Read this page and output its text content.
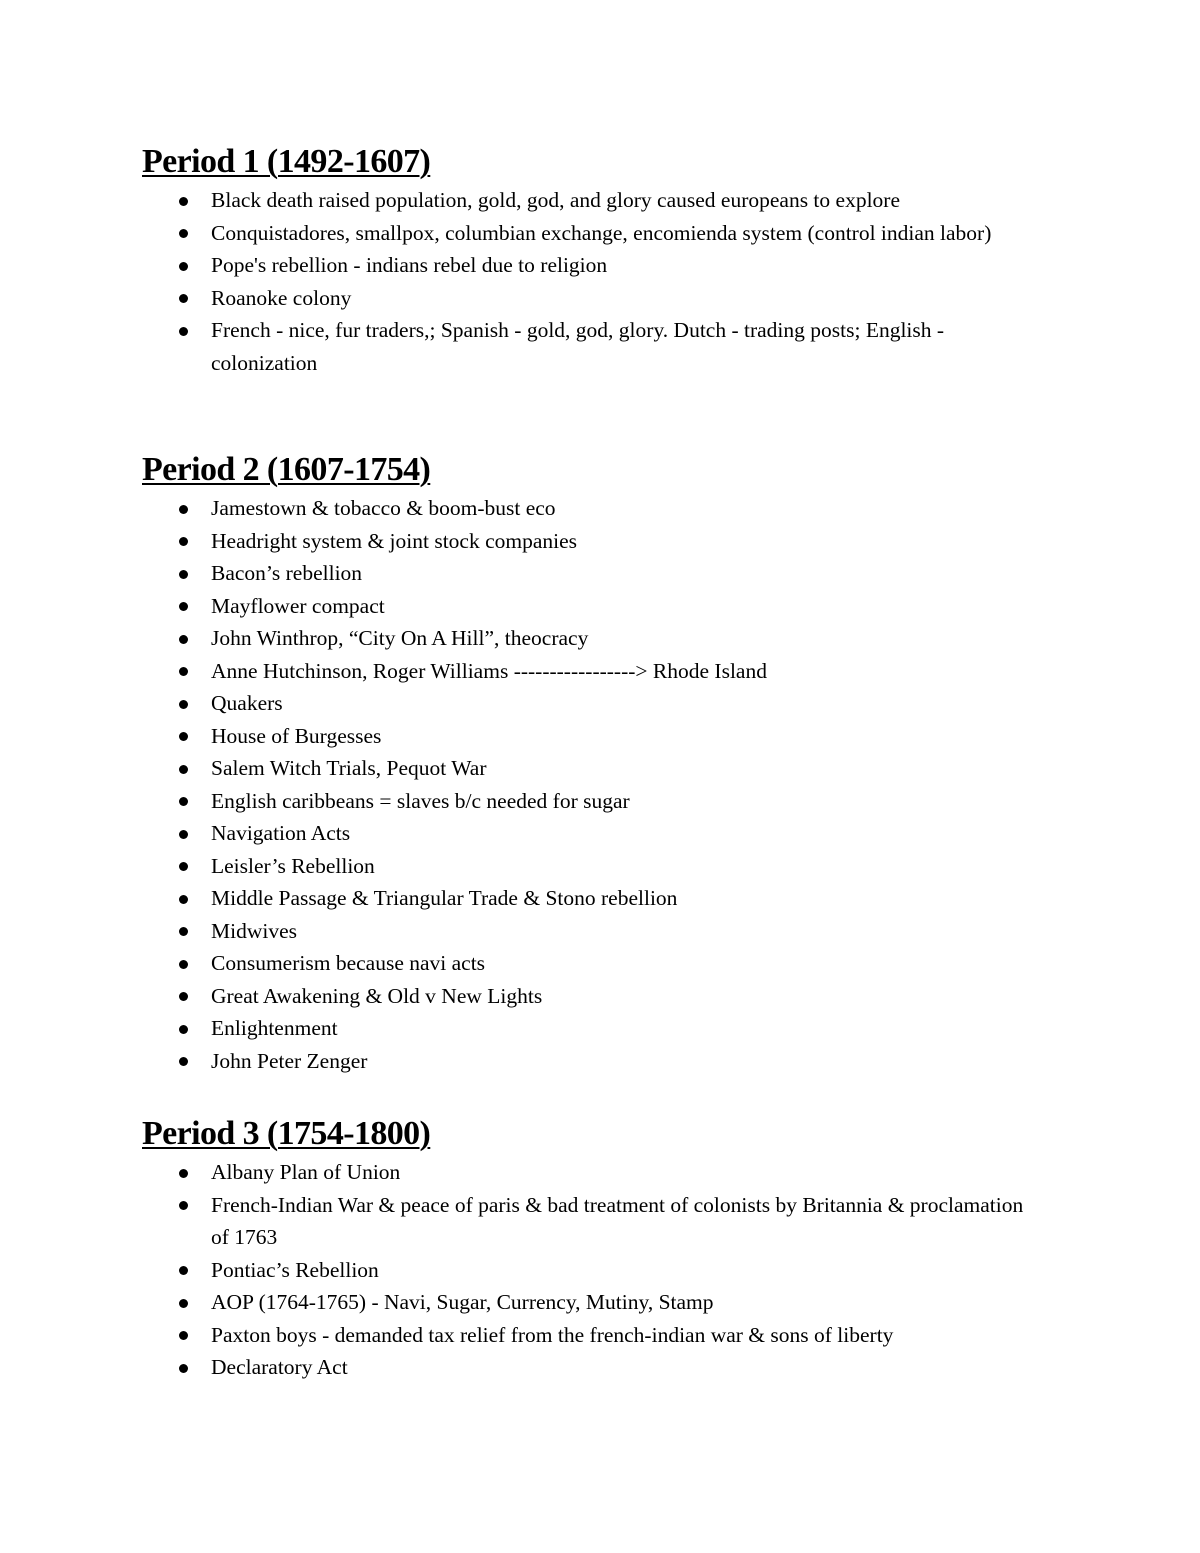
Period 1 (1492-1607)
Black death raised population, gold, god, and glory caused europeans to explore
Conquistadores, smallpox, columbian exchange, encomienda system (control indian labor)
Pope's rebellion - indians rebel due to religion
Roanoke colony
French - nice, fur traders,; Spanish - gold, god, glory. Dutch - trading posts; English - colonization
Period 2 (1607-1754)
Jamestown & tobacco & boom-bust eco
Headright system & joint stock companies
Bacon’s rebellion
Mayflower compact
John Winthrop, “City On A Hill”, theocracy
Anne Hutchinson, Roger Williams -----------------> Rhode Island
Quakers
House of Burgesses
Salem Witch Trials, Pequot War
English caribbeans = slaves b/c needed for sugar
Navigation Acts
Leisler’s Rebellion
Middle Passage & Triangular Trade & Stono rebellion
Midwives
Consumerism because navi acts
Great Awakening & Old v New Lights
Enlightenment
John Peter Zenger
Period 3 (1754-1800)
Albany Plan of Union
French-Indian War & peace of paris & bad treatment of colonists by Britannia & proclamation of 1763
Pontiac’s Rebellion
AOP (1764-1765) - Navi, Sugar, Currency, Mutiny, Stamp
Paxton boys - demanded tax relief from the french-indian war & sons of liberty
Declaratory Act
